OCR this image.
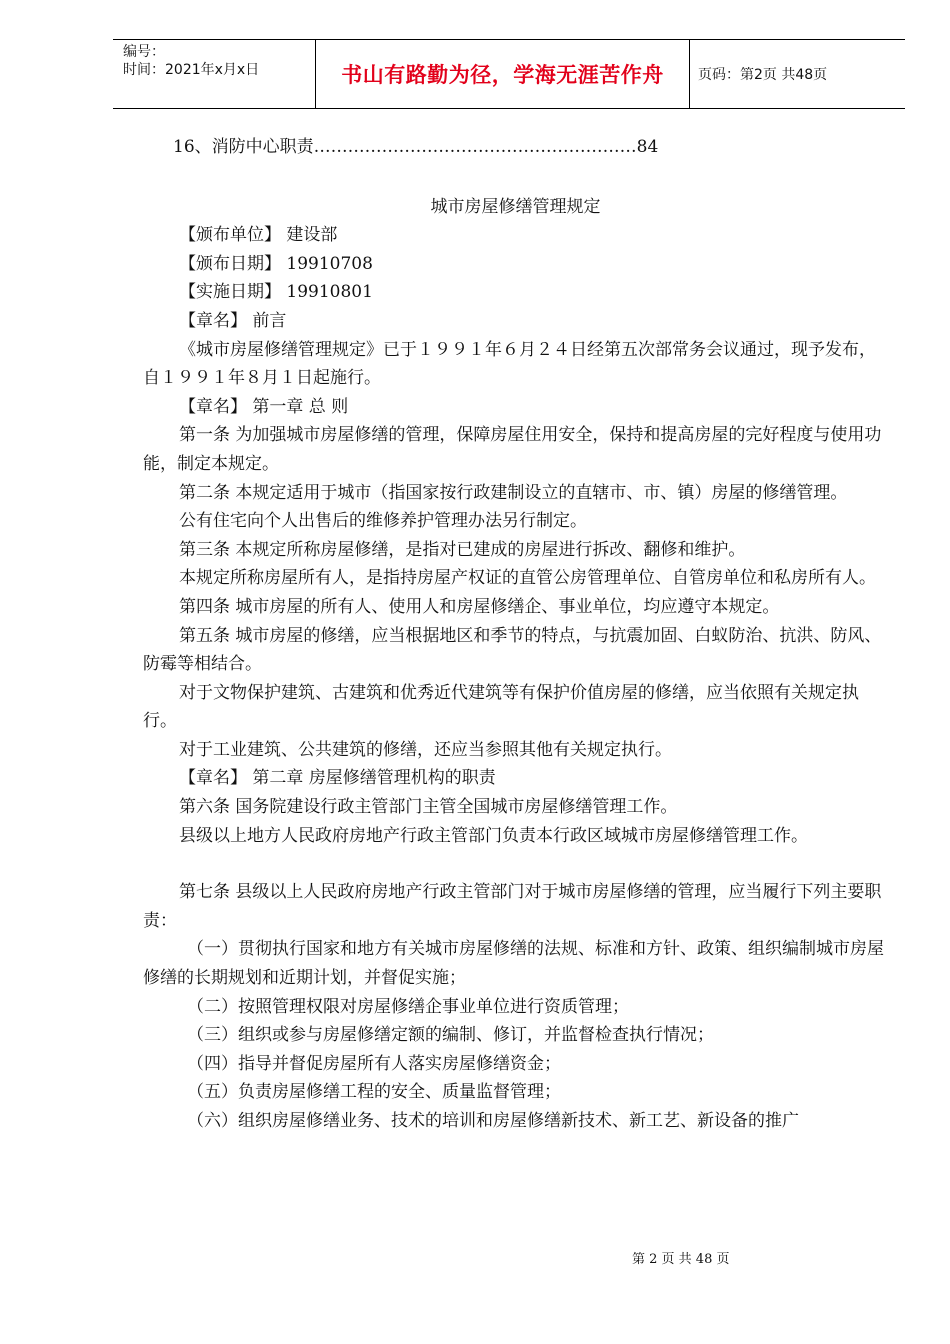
编号：
时间：2021年x月x日	书山有路勤为径，学海无涯苦作舟	页码：第2页 共48页

16、消防中心职责…………………………………………………84

城市房屋修缮管理规定

【颁布单位】 建设部

【颁布日期】 19910708

【实施日期】 19910801

【章名】 前言

《城市房屋修缮管理规定》已于１９９１年６月２４日经第五次部常务会议通过，现予发布，自１９９１年８月１日起施行。

【章名】 第一章 总 则

第一条 为加强城市房屋修缮的管理，保障房屋住用安全，保持和提高房屋的完好程度与使用功能，制定本规定。

第二条 本规定适用于城市（指国家按行政建制设立的直辖市、市、镇）房屋的修缮管理。

公有住宅向个人出售后的维修养护管理办法另行制定。

第三条 本规定所称房屋修缮，是指对已建成的房屋进行拆改、翻修和维护。

本规定所称房屋所有人，是指持房屋产权证的直管公房管理单位、自管房单位和私房所有人。

第四条 城市房屋的所有人、使用人和房屋修缮企、事业单位，均应遵守本规定。

第五条 城市房屋的修缮，应当根据地区和季节的特点，与抗震加固、白蚁防治、抗洪、防风、防霉等相结合。

对于文物保护建筑、古建筑和优秀近代建筑等有保护价值房屋的修缮，应当依照有关规定执行。

对于工业建筑、公共建筑的修缮，还应当参照其他有关规定执行。

【章名】 第二章 房屋修缮管理机构的职责

第六条 国务院建设行政主管部门主管全国城市房屋修缮管理工作。

县级以上地方人民政府房地产行政主管部门负责本行政区域城市房屋修缮管理工作。

第七条 县级以上人民政府房地产行政主管部门对于城市房屋修缮的管理，应当履行下列主要职责：

（一）贯彻执行国家和地方有关城市房屋修缮的法规、标准和方针、政策、组织编制城市房屋修缮的长期规划和近期计划，并督促实施；

（二）按照管理权限对房屋修缮企事业单位进行资质管理；

（三）组织或参与房屋修缮定额的编制、修订，并监督检查执行情况；

（四）指导并督促房屋所有人落实房屋修缮资金；

（五）负责房屋修缮工程的安全、质量监督管理；

（六）组织房屋修缮业务、技术的培训和房屋修缮新技术、新工艺、新设备的推广

第 2 页 共 48 页
